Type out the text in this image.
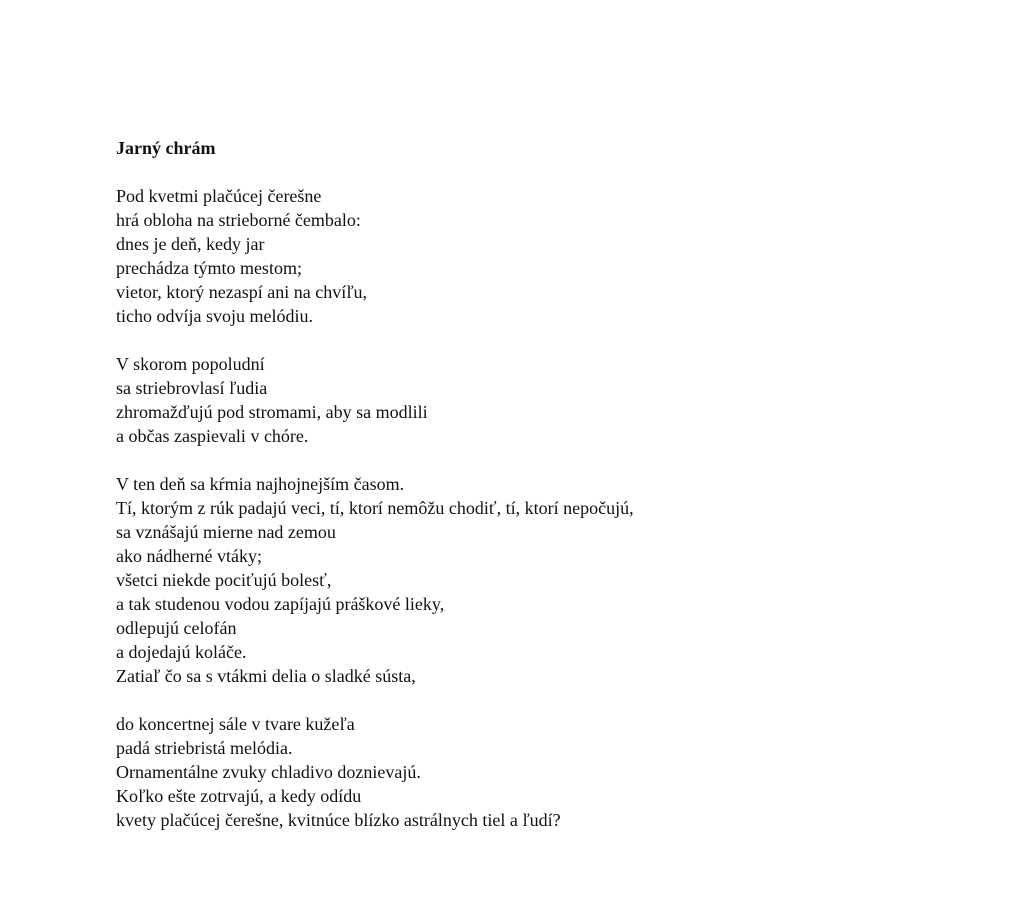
Jarný chrám
Pod kvetmi plačúcej čerešne
hrá obloha na strieborné čembalo:
dnes je deň, kedy jar
prechádza týmto mestom;
vietor, ktorý nezaspí ani na chvíľu,
ticho odvíja svoju melódiu.
V skorom popoludní
sa striebrovlasí ľudia
zhromažďujú pod stromami, aby sa modlili
a občas zaspievali v chóre.
V ten deň sa kŕmia najhojnejším časom.
Tí, ktorým z rúk padajú veci, tí, ktorí nemôžu chodiť, tí, ktorí nepočujú,
sa vznášajú mierne nad zemou
ako nádherné vtáky;
všetci niekde pociťujú bolesť,
a tak studenou vodou zapíjajú práškové lieky,
odlepujú celofán
a dojedajú koláče.
Zatiaľ čo sa s vtákmi delia o sladké sústa,
do koncertnej sále v tvare kužeľa
padá striebristá melódia.
Ornamentálne zvuky chladivo doznievajú.
Koľko ešte zotrvajú, a kedy odídu
kvety plačúcej čerešne, kvitnúce blízko astrálnych tiel a ľudí?
